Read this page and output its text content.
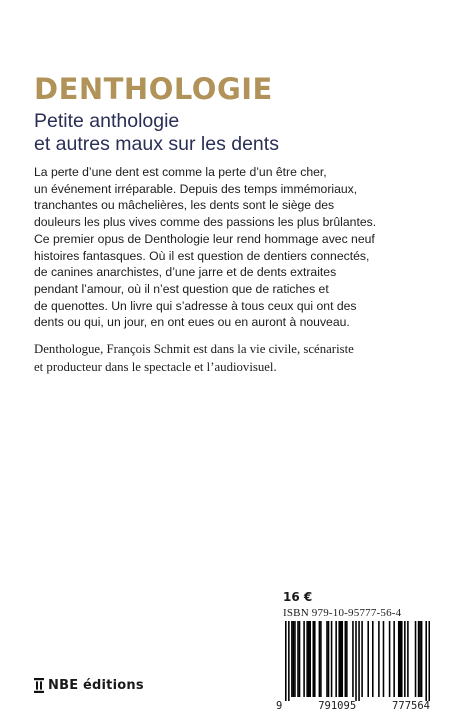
DENTHOLOGIE
Petite anthologie
et autres maux sur les dents
La perte d’une dent est comme la perte d’un être cher,
un événement irréparable. Depuis des temps immémoriaux,
tranchantes ou mâchelières, les dents sont le siège des
douleurs les plus vives comme des passions les plus brûlantes.
Ce premier opus de Denthologie leur rend hommage avec neuf
histoires fantasques. Où il est question de dentiers connectés,
de canines anarchistes, d’une jarre et de dents extraites
pendant l’amour, où il n’est question que de ratiches et
de quenottes. Un livre qui s’adresse à tous ceux qui ont des
dents ou qui, un jour, en ont eues ou en auront à nouveau.
Denthologue, François Schmit est dans la vie civile, scénariste
et producteur dans le spectacle et l’audiovisuel.
16 €
ISBN 979-10-95777-56-4
9	791095	777564
NBE éditions
